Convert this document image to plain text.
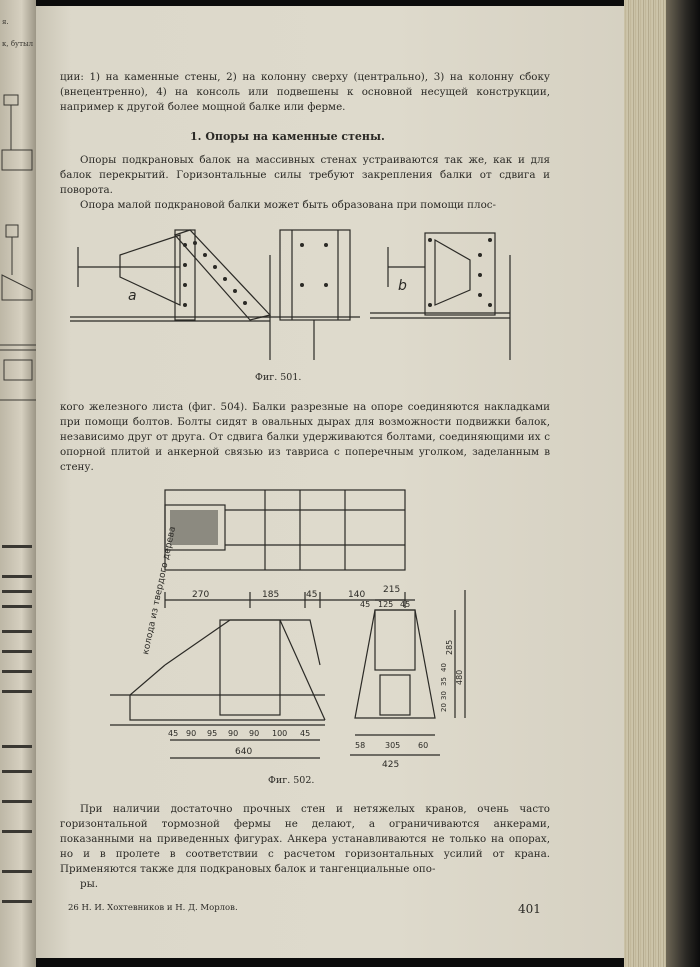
я.
к, бутыл

ции: 1) на каменные стены, 2) на колонну сверху (центрально), 3) на колонну сбоку (внецентренно), 4) на консоль или подвешены к основной несущей конструкции, например к другой более мощной балке или ферме.

1. Опоры на каменные стены.

Опоры подкрановых балок на массивных стенах устраиваются так же, как и для балок перекрытий. Горизонтальные силы требуют закрепления балки от сдвига и поворота.

Опора малой подкрановой балки может быть образована при помощи плос-

a
b
Фиг. 501.

кого железного листа (фиг. 504). Балки разрезные на опоре соединяются накладками при помощи болтов. Болты сидят в овальных дырах для возможности подвижки балок, независимо друг от друга. От сдвига балки удерживаются болтами, соединяющими их с опорной плитой и анкерной связью из тавриса с поперечным уголком, заделанным в стену.

колода из твердого дерева 270	185	45	140
45 90 95 90 90 100 45
640
215
45 125 45
58 305 60
425
285
480
20
30
35
40
Фиг. 502.

При наличии достаточно прочных стен и нетяжелых кранов, очень часто горизонтальной тормозной фермы не делают, а ограничиваются анкерами, показанными на приведенных фигурах. Анкера устанавливаются не только на опорах, но и в пролете в соответствии с расчетом горизонтальных усилий от крана. Применяются также для подкрановых балок и тангенциальные опо-

ры.

26 Н. И. Хохтевников и Н. Д. Морлов.	401
